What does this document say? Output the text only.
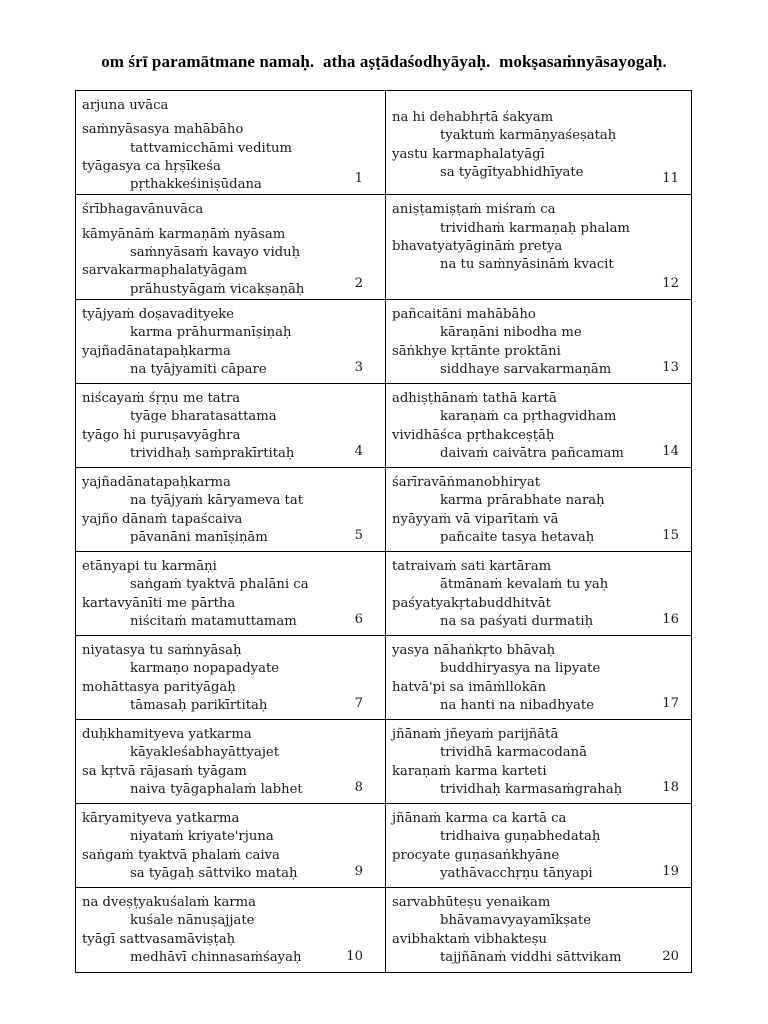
om śrī paramātmane namaḥ.  atha aṣṭādaśodhyāyaḥ.  mokṣasaṁnyāsayogaḥ.
arjuna uvāca
saṁnyāsasya mahābāho
tattvamicchāmi veditum
tyāgasya ca hṛṣīkeśa
pṛthakkeśiniṣūdana	1
na hi dehabhṛtā śakyam
tyaktuṁ karmāṇyaśeṣataḥ
yastu karmaphalatyāgī
sa tyāgītyabhidhīyate	11
śrībhagavānuvāca
kāmyānāṁ karmaṇāṁ nyāsam
saṁnyāsaṁ kavayo viduḥ
sarvakarmaphalatyāgam
prāhustyāgaṁ vicakṣaṇāḥ	2
aniṣṭamiṣṭaṁ miśraṁ ca
trividhaṁ karmaṇaḥ phalam
bhavatyatyāgināṁ pretya
na tu saṁnyāsināṁ kvacit
12
tyājyaṁ doṣavadityeke
karma prāhurmanīṣiṇaḥ
yajñadānatapaḥkarma
na tyājyamiti cāpare	3
pañcaitāni mahābāho
kāraṇāni nibodha me
sāṅkhye kṛtānte proktāni
siddhaye sarvakarmaṇām	13
niścayaṁ śṛṇu me tatra
tyāge bharatasattama
tyāgo hi puruṣavyāghra
trividhaḥ saṁprakīrtitaḥ	4
adhiṣṭhānaṁ tathā kartā
karaṇaṁ ca pṛthagvidham
vividhāśca pṛthakceṣṭāḥ
daivaṁ caivātra pañcamam	14
yajñadānatapaḥkarma
na tyājyaṁ kāryameva tat
yajño dānaṁ tapaścaiva
pāvanāni manīṣiṇām	5
śarīravāṅmanobhiryat
karma prārabhate naraḥ
nyāyyaṁ vā viparītaṁ vā
pañcaite tasya hetavaḥ	15
etānyapi tu karmāṇi
saṅgaṁ tyaktvā phalāni ca
kartavyānīti me pārtha
niścitaṁ matamuttamam	6
tatraivaṁ sati kartāram
ātmānaṁ kevalaṁ tu yaḥ
paśyatyakṛtabuddhitvāt
na sa paśyati durmatiḥ	16
niyatasya tu saṁnyāsaḥ
karmaṇo nopapadyate
mohāttasya parityāgaḥ
tāmasaḥ parikīrtitaḥ	7
yasya nāhaṅkṛto bhāvaḥ
buddhiryasya na lipyate
hatvā'pi sa imāṁllokān
na hanti na nibadhyate	17
duḥkhamityeva yatkarma
kāyakleśabhayāttyajet
sa kṛtvā rājasaṁ tyāgam
naiva tyāgaphalaṁ labhet	8
jñānaṁ jñeyaṁ parijñātā
trividhā karmacodanā
karaṇaṁ karma karteti
trividhaḥ karmasaṁgrahaḥ	18
kāryamityeva yatkarma
niyataṁ kriyate'rjuna
saṅgaṁ tyaktvā phalaṁ caiva
sa tyāgaḥ sāttviko mataḥ	9
jñānaṁ karma ca kartā ca
tridhaiva guṇabhedataḥ
procyate guṇasaṅkhyāne
yathāvacchṛṇu tānyapi	19
na dveṣṭyakuśalaṁ karma
kuśale nānuṣajjate
tyāgī sattvasamāviṣṭaḥ
medhāvī chinnasaṁśayaḥ	10
sarvabhūteṣu yenaikam
bhāvamavyayamīkṣate
avibhaktaṁ vibhakteṣu
tajjñānaṁ viddhi sāttvikam	20
